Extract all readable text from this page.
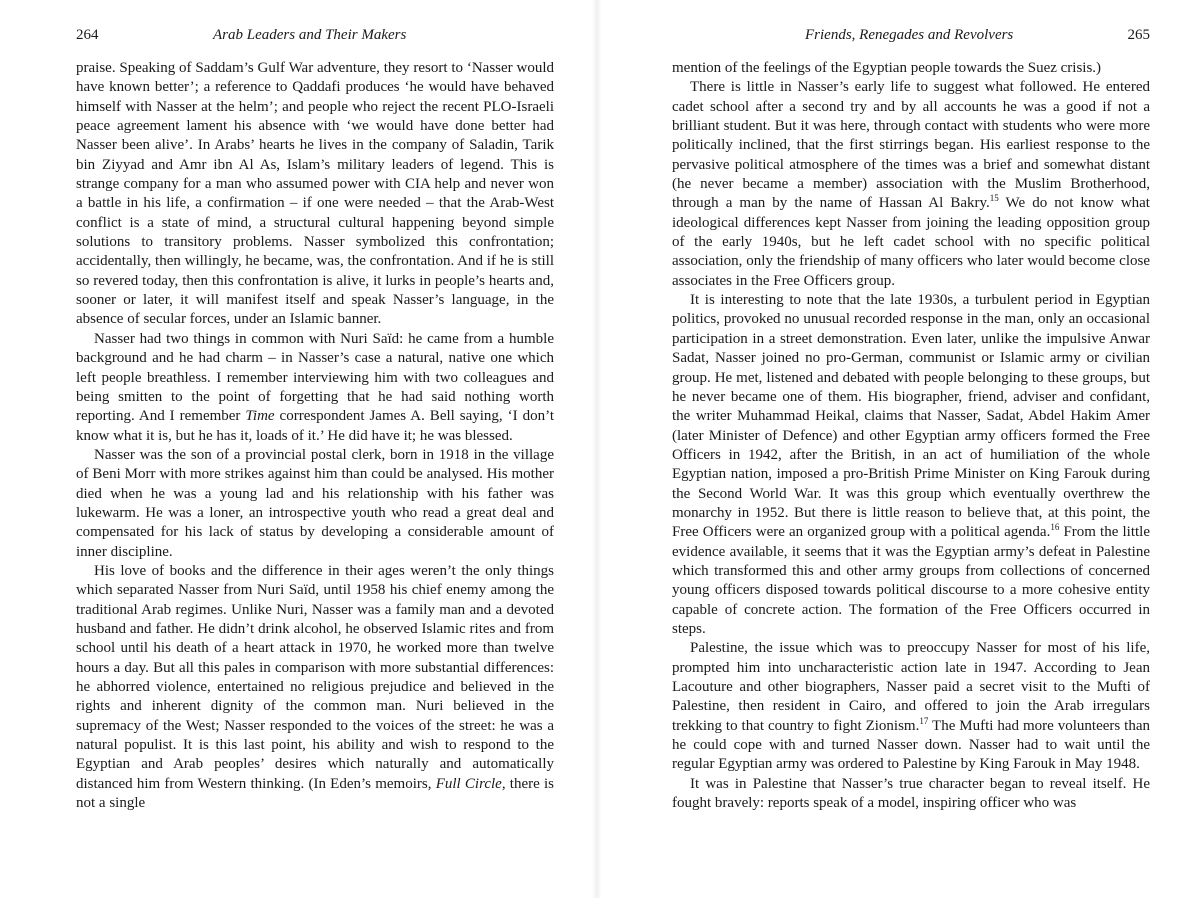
264	Arab Leaders and Their Makers

praise. Speaking of Saddam’s Gulf War adventure, they resort to ‘Nasser would have known better’; a reference to Qaddafi produces ‘he would have behaved himself with Nasser at the helm’; and people who reject the recent PLO-Israeli peace agreement lament his absence with ‘we would have done better had Nasser been alive’. In Arabs’ hearts he lives in the company of Saladin, Tarik bin Ziyyad and Amr ibn Al As, Islam’s military leaders of legend. This is strange company for a man who assumed power with CIA help and never won a battle in his life, a confirmation – if one were needed – that the Arab-West conflict is a state of mind, a structural cultural happening beyond simple solutions to transitory problems. Nasser symbolized this confrontation; accidentally, then willingly, he became, was, the confrontation. And if he is still so revered today, then this confrontation is alive, it lurks in people’s hearts and, sooner or later, it will manifest itself and speak Nasser’s language, in the absence of secular forces, under an Islamic banner.

Nasser had two things in common with Nuri Saïd: he came from a humble background and he had charm – in Nasser’s case a natural, native one which left people breathless. I remember interviewing him with two colleagues and being smitten to the point of forgetting that he had said nothing worth reporting. And I remember Time correspondent James A. Bell saying, ‘I don’t know what it is, but he has it, loads of it.’ He did have it; he was blessed.

Nasser was the son of a provincial postal clerk, born in 1918 in the village of Beni Morr with more strikes against him than could be analysed. His mother died when he was a young lad and his relationship with his father was lukewarm. He was a loner, an introspective youth who read a great deal and compensated for his lack of status by developing a considerable amount of inner discipline.

His love of books and the difference in their ages weren’t the only things which separated Nasser from Nuri Saïd, until 1958 his chief enemy among the traditional Arab regimes. Unlike Nuri, Nasser was a family man and a devoted husband and father. He didn’t drink alcohol, he observed Islamic rites and from school until his death of a heart attack in 1970, he worked more than twelve hours a day. But all this pales in comparison with more substantial differences: he abhorred violence, entertained no religious prejudice and believed in the rights and inherent dignity of the common man. Nuri believed in the supremacy of the West; Nasser responded to the voices of the street: he was a natural populist. It is this last point, his ability and wish to respond to the Egyptian and Arab peoples’ desires which naturally and automatically distanced him from Western thinking. (In Eden’s memoirs, Full Circle, there is not a single

Friends, Renegades and Revolvers	265

mention of the feelings of the Egyptian people towards the Suez crisis.)

There is little in Nasser’s early life to suggest what followed. He entered cadet school after a second try and by all accounts he was a good if not a brilliant student. But it was here, through contact with students who were more politically inclined, that the first stirrings began. His earliest response to the pervasive political atmosphere of the times was a brief and somewhat distant (he never became a member) association with the Muslim Brotherhood, through a man by the name of Hassan Al Bakry.$^{15}$ We do not know what ideological differences kept Nasser from joining the leading opposition group of the early 1940s, but he left cadet school with no specific political association, only the friendship of many officers who later would become close associates in the Free Officers group.

It is interesting to note that the late 1930s, a turbulent period in Egyptian politics, provoked no unusual recorded response in the man, only an occasional participation in a street demonstration. Even later, unlike the impulsive Anwar Sadat, Nasser joined no pro-German, communist or Islamic army or civilian group. He met, listened and debated with people belonging to these groups, but he never became one of them. His biographer, friend, adviser and confidant, the writer Muhammad Heikal, claims that Nasser, Sadat, Abdel Hakim Amer (later Minister of Defence) and other Egyptian army officers formed the Free Officers in 1942, after the British, in an act of humiliation of the whole Egyptian nation, imposed a pro-British Prime Minister on King Farouk during the Second World War. It was this group which eventually overthrew the monarchy in 1952. But there is little reason to believe that, at this point, the Free Officers were an organized group with a political agenda.$^{16}$ From the little evidence available, it seems that it was the Egyptian army’s defeat in Palestine which transformed this and other army groups from collections of concerned young officers disposed towards political discourse to a more cohesive entity capable of concrete action. The formation of the Free Officers occurred in steps.

Palestine, the issue which was to preoccupy Nasser for most of his life, prompted him into uncharacteristic action late in 1947. According to Jean Lacouture and other biographers, Nasser paid a secret visit to the Mufti of Palestine, then resident in Cairo, and offered to join the Arab irregulars trekking to that country to fight Zionism.$^{17}$ The Mufti had more volunteers than he could cope with and turned Nasser down. Nasser had to wait until the regular Egyptian army was ordered to Palestine by King Farouk in May 1948.

It was in Palestine that Nasser’s true character began to reveal itself. He fought bravely: reports speak of a model, inspiring officer who was
